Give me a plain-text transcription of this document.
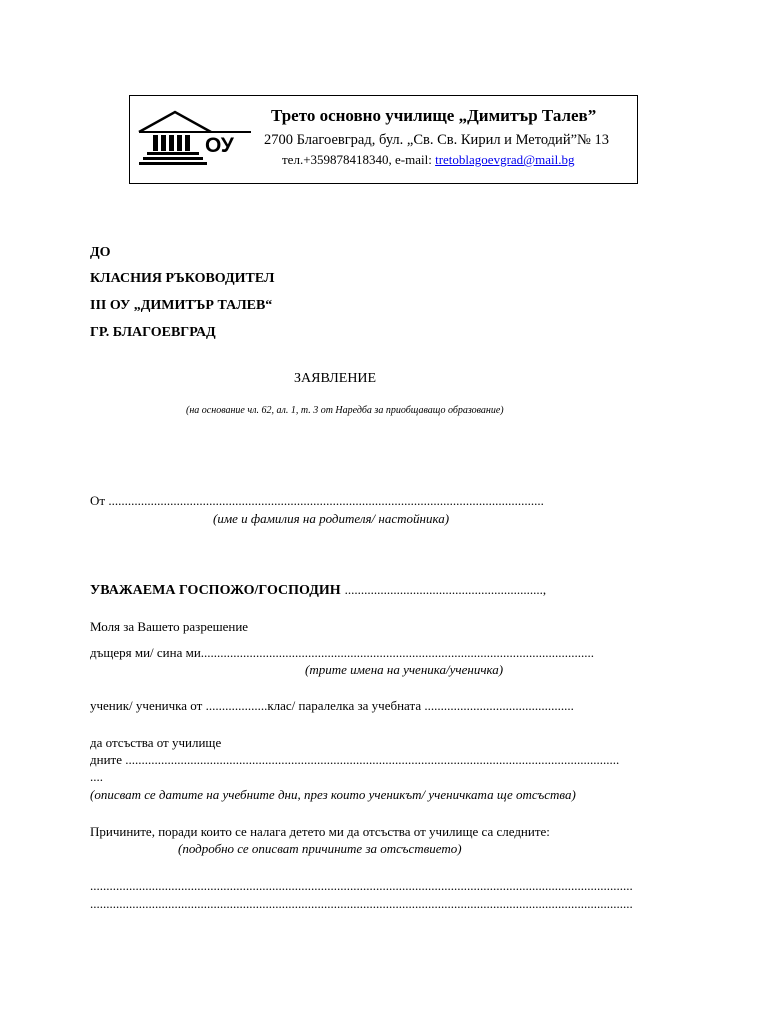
ОУ
Трето основно училище „Димитър Талев”
2700 Благоевград, бул. „Св. Св. Кирил и Методий”№ 13
тел.+359878418340, e-mail: tretoblagoevgrad@mail.bg
ДО
КЛАСНИЯ РЪКОВОДИТЕЛ
III ОУ „ДИМИТЪР ТАЛЕВ“
ГР. БЛАГОЕВГРАД
ЗАЯВЛЕНИЕ
(на основание чл. 62, ал. 1, т. 3 от Наредба за приобщаващо образование)
От ......................................................................................................................................
(име и фамилия на родителя/ настойника)
УВАЖАЕМА ГОСПОЖО/ГОСПОДИН .............................................................,
Моля за Вашето разрешение
дъщеря ми/ сина ми.........................................................................................................................
(трите имена на ученика/ученичка)
ученик/ ученичка от ...................клас/ паралелка за учебната ..............................................
да отсъства от училище
дните ........................................................................................................................................................
....
(описват се датите на учебните дни, през които ученикът/ ученичката ще отсъства)
Причините, поради които се налага детето ми да отсъства от училище са следните:
(подробно се описват причините за отсъствието)
.......................................................................................................................................................................
.......................................................................................................................................................................
